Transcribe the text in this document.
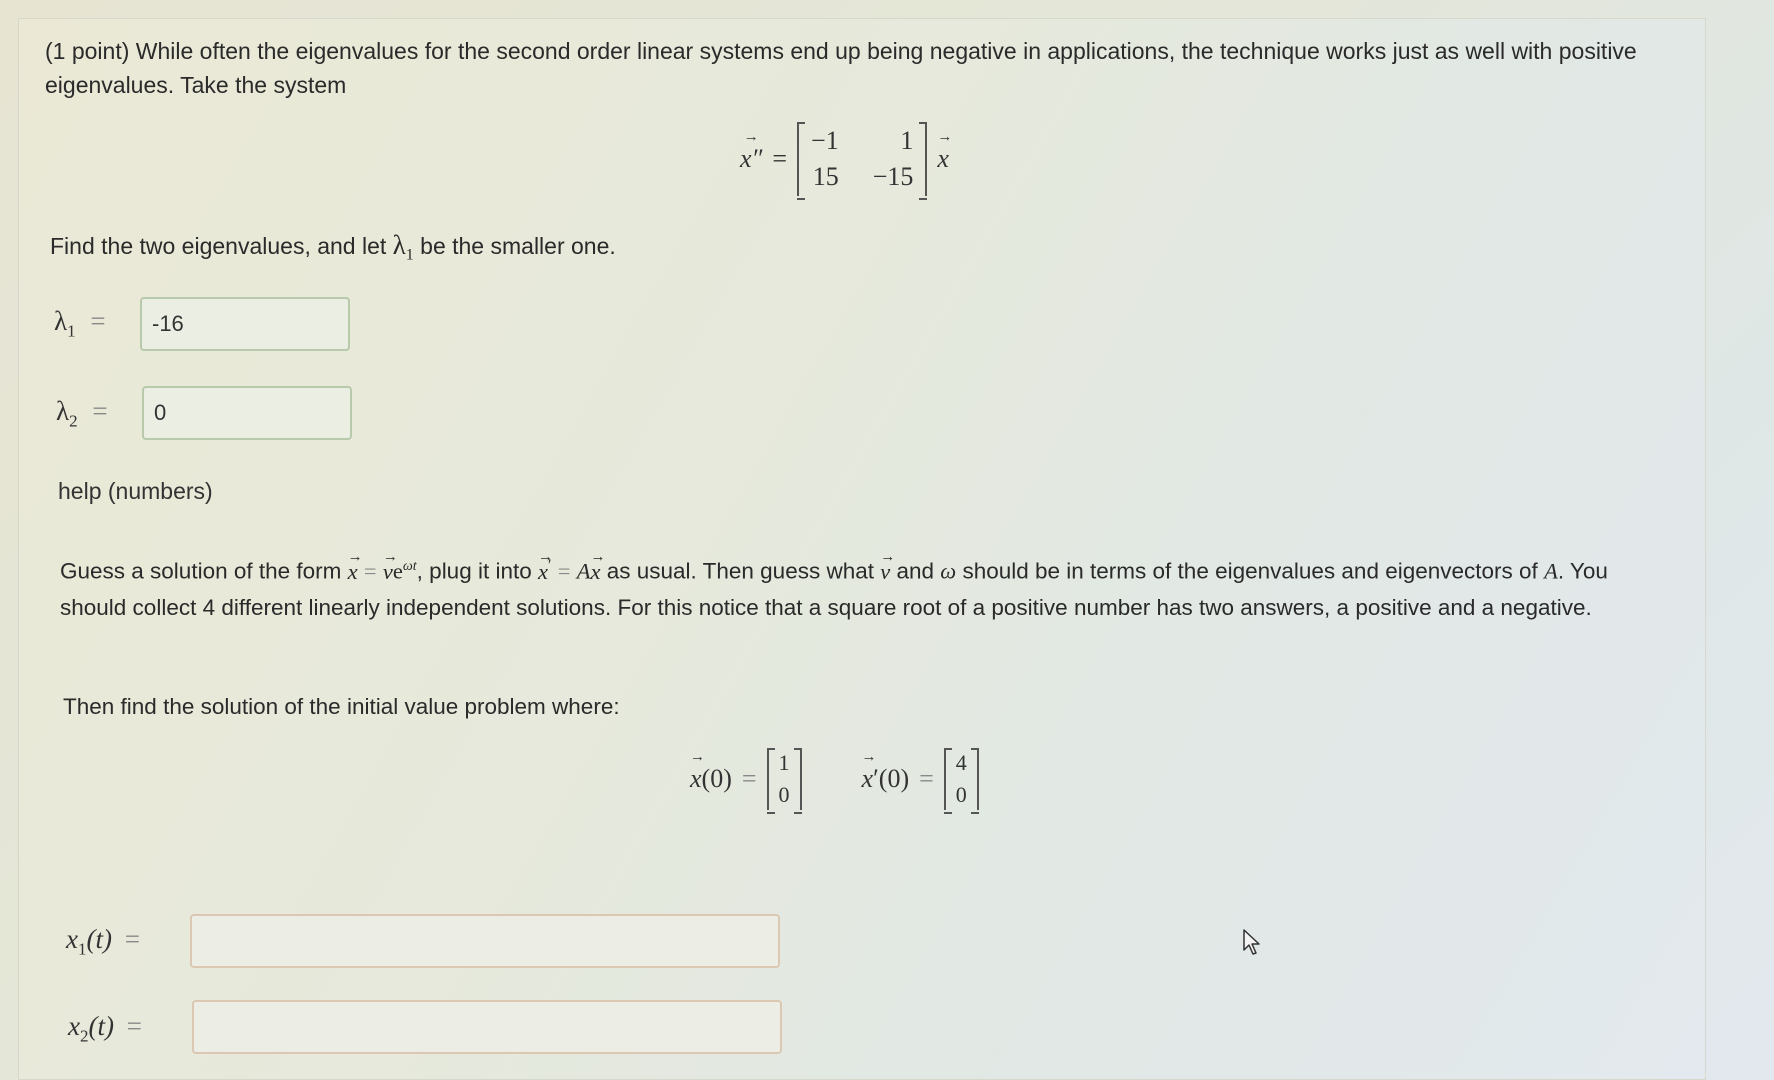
(1 point) While often the eigenvalues for the second order linear systems end up being negative in applications, the technique works just as well with positive eigenvalues. Take the system
→ x″ =
−1	1
15 −15
→ x
Find the two eigenvalues, and let $\lambda_1$ be the smaller one.
$\lambda_1$ =
-16
$\lambda_2$ =
0
help (numbers)
Guess a solution of the form → x = → $ve^{\omega t}$, plug it into → x′ = A→ x as usual. Then guess what → v and ω should be in terms of the eigenvalues and eigenvectors of A. You should collect 4 different linearly independent solutions. For this notice that a square root of a positive number has two answers, a positive and a negative.
Then find the solution of the initial value problem where:
→ x(0) =
1
0
→ x′(0) =
4
0
$x_1(t)$ =
$x_2(t)$ =
